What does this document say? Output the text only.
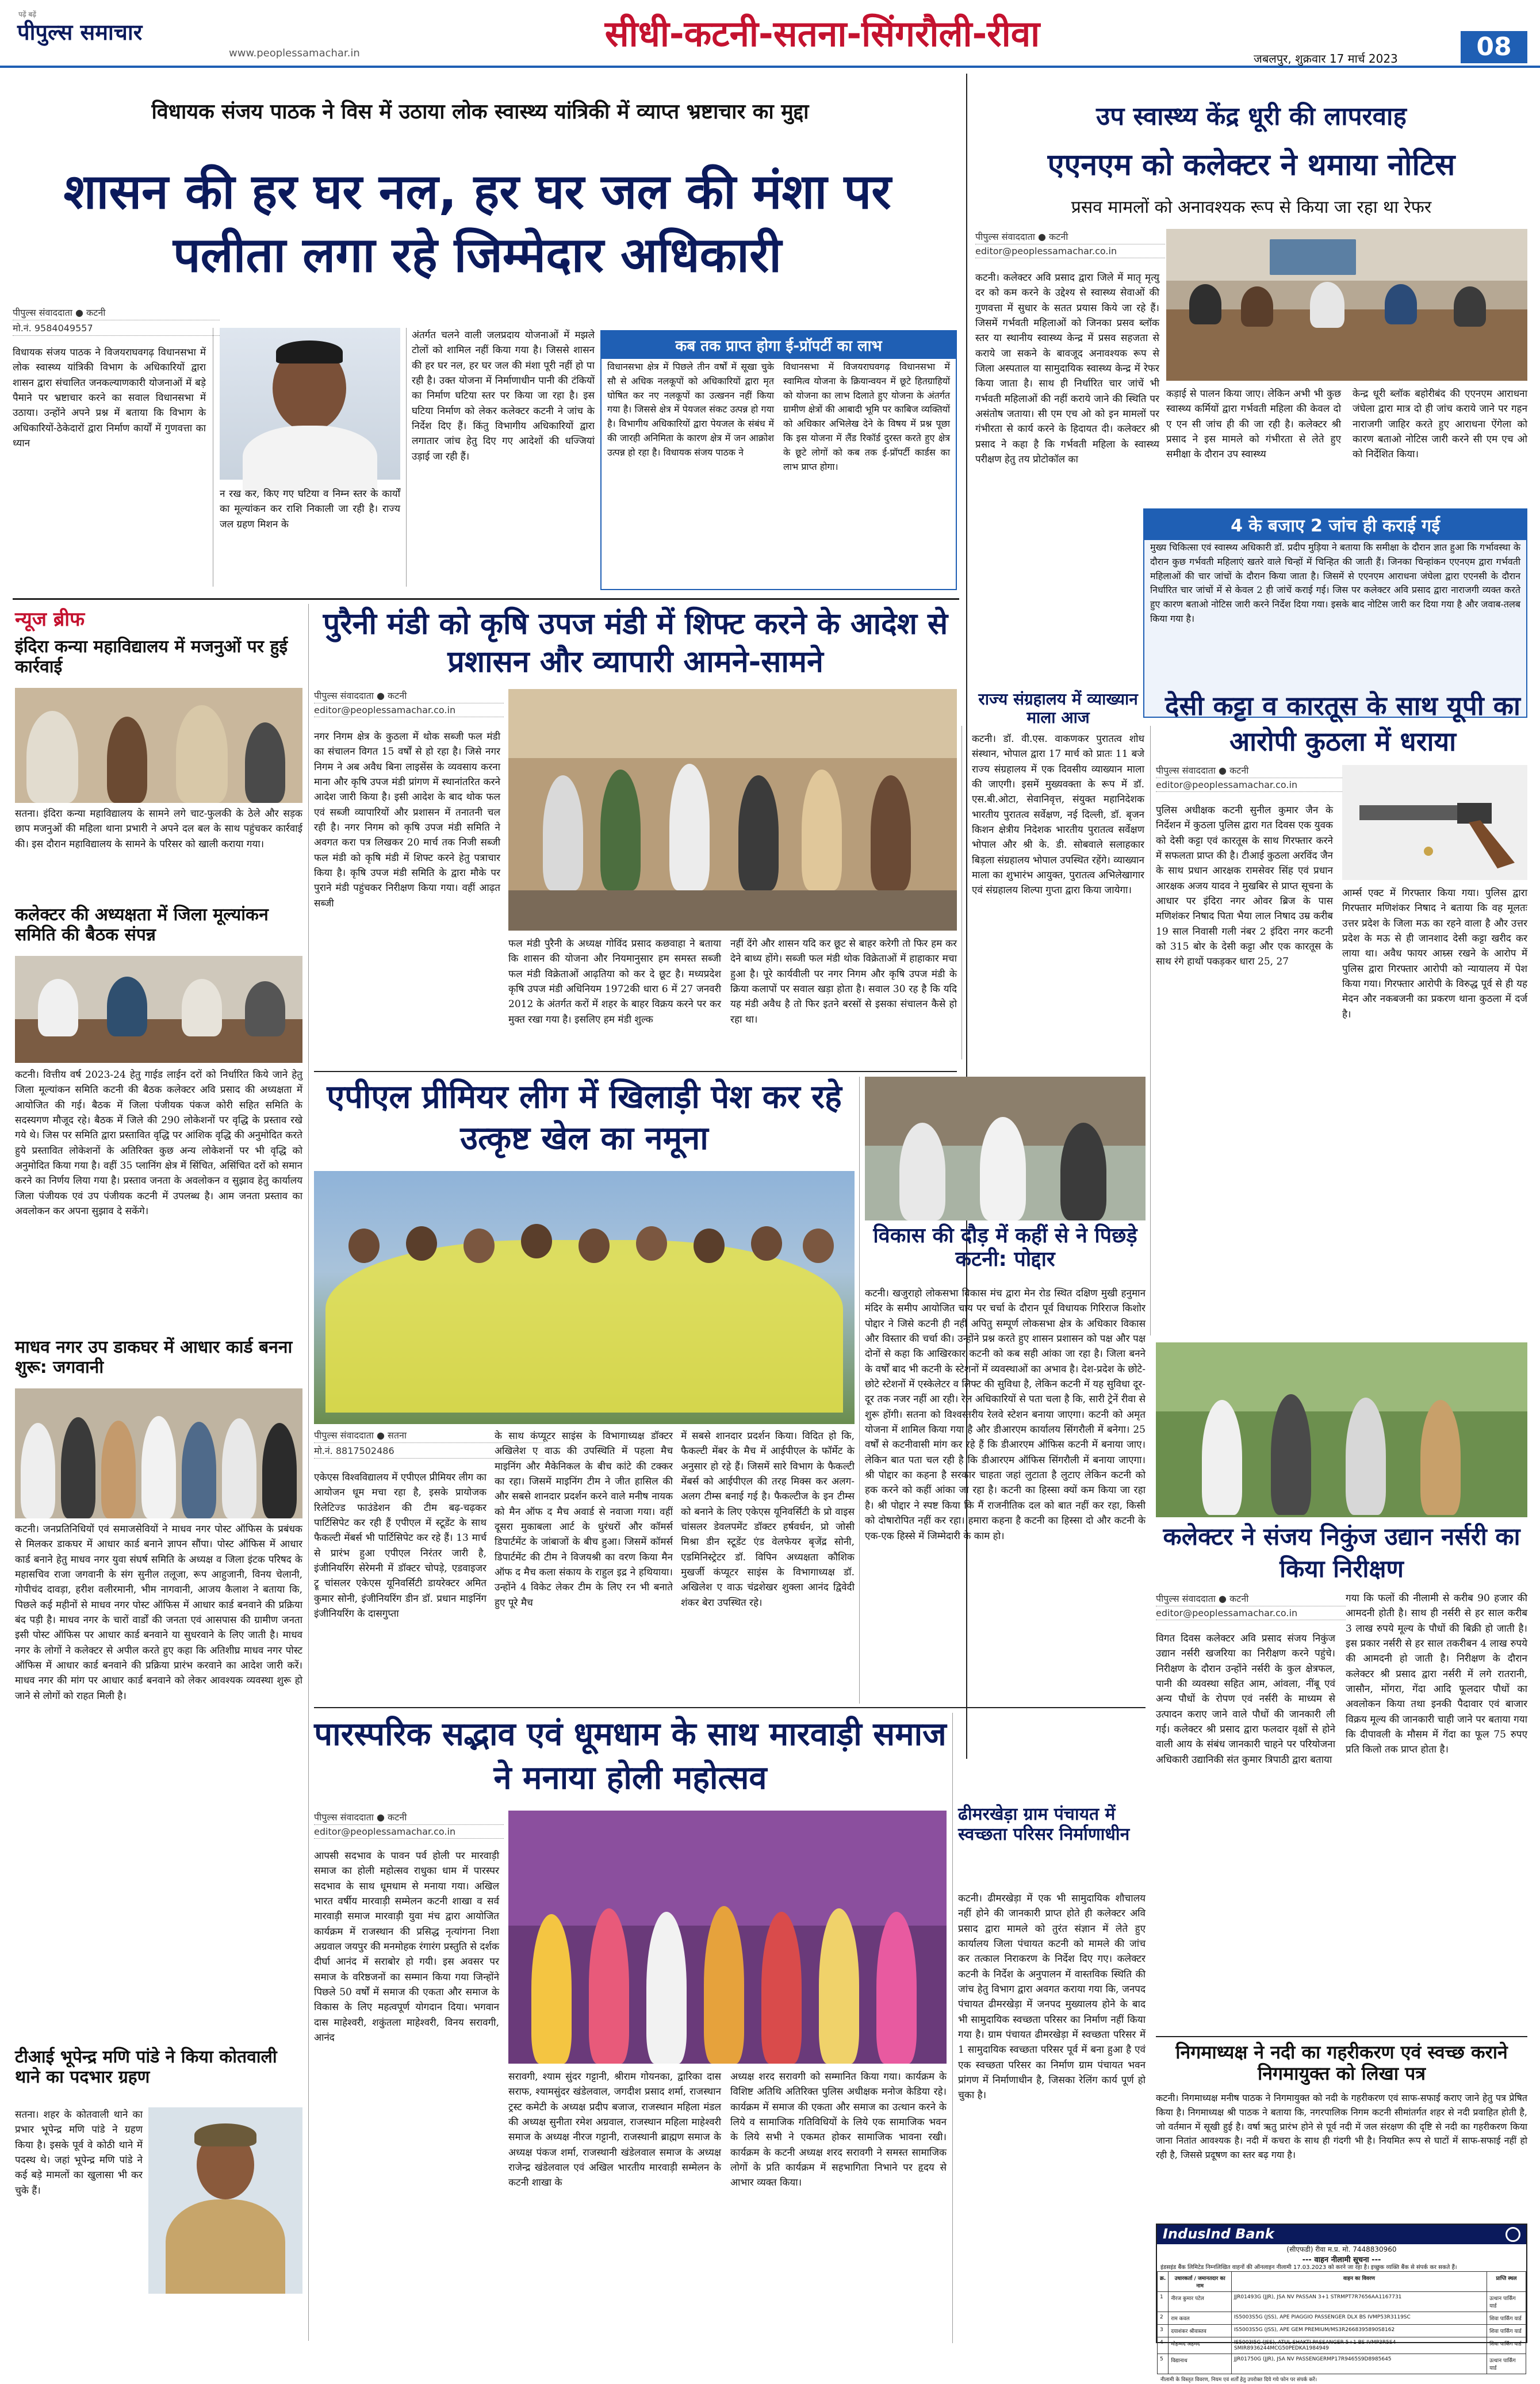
पीपुल्स समाचार
पढ़ें बढ़ें
www.peoplessamachar.in	सीधी-कटनी-सतना-सिंगरौली-रीवा
जबलपुर, शुक्रवार 17 मार्च 2023	08
विधायक संजय पाठक ने विस में उठाया लोक स्वास्थ्य यांत्रिकी में व्याप्त भ्रष्टाचार का मुद्दा
शासन की हर घर नल, हर घर जल की मंशा पर पलीता लगा रहे जिम्मेदार अधिकारी
पीपुल्स संवाददाता ● कटनी
मो.नं. 9584049557
विधायक संजय पाठक ने विजयराघवगढ़ विधानसभा में लोक स्वास्थ्य यांत्रिकी विभाग के अधिकारियों द्वारा शासन द्वारा संचालित जनकल्याणकारी योजनाओं में बड़े पैमाने पर भ्रष्टाचार करने का सवाल विधानसभा में उठाया। उन्होंने अपने प्रश्न में बताया कि विभाग के अधिकारियों-ठेकेदारों द्वारा निर्माण कार्यों में गुणवत्ता का ध्यान
न रख कर, किए गए घटिया व निम्न स्तर के कार्यों का मूल्यांकन कर राशि निकाली जा रही है। राज्य जल ग्रहण मिशन के
अंतर्गत चलने वाली जलप्रदाय योजनाओं में मझले टोलों को शामिल नहीं किया गया है। जिससे शासन की हर घर नल, हर घर जल की मंशा पूरी नहीं हो पा रही है। उक्त योजना में निर्माणाधीन पानी की टंकियों का निर्माण घटिया स्तर पर किया जा रहा है। इस घटिया निर्माण को लेकर कलेक्टर कटनी ने जांच के निर्देश दिए हैं। किंतु विभागीय अधिकारियों द्वारा लगातार जांच हेतु दिए गए आदेशों की धज्जियां उड़ाई जा रही हैं।
कब तक प्राप्त होगा ई-प्रॉपर्टी का लाभ
विधानसभा क्षेत्र में पिछले तीन वर्षों में सूखा चुके सौ से अधिक नलकूपों को अधिकारियों द्वारा मृत घोषित कर नए नलकूपों का उत्खनन नहीं किया गया है। जिससे क्षेत्र में पेयजल संकट उत्पन्न हो गया है। विभागीय अधिकारियों द्वारा पेयजल के संबंध में की जारही अनिमिता के कारण क्षेत्र में जन आक्रोश उत्पन्न हो रहा है। विधायक संजय पाठक ने
विधानसभा में विजयराघवगढ़ विधानसभा में स्वामित्व योजना के क्रियान्वयन में छूटे हितग्राहियों को योजना का लाभ दिलाते हुए योजना के अंतर्गत ग्रामीण क्षेत्रों की आबादी भूमि पर काबिज व्यक्तियों को अधिकार अभिलेख देने के विषय में प्रश्न पूछा कि इस योजना में लैंड रिकॉर्ड दुरस्त करते हुए क्षेत्र के छूटे लोगों को कब तक ई-प्रॉपर्टी कार्डस का लाभ प्राप्त होगा।
उप स्वास्थ्य केंद्र धूरी की लापरवाह
एएनएम को कलेक्टर ने थमाया नोटिस
प्रसव मामलों को अनावश्यक रूप से किया जा रहा था रेफर
पीपुल्स संवाददाता ● कटनी
editor@peoplessamachar.co.in
कटनी। कलेक्टर अवि प्रसाद द्वारा जिले में मातृ मृत्यु दर को कम करने के उद्देश्य से स्वास्थ्य सेवाओं की गुणवत्ता में सुधार के सतत प्रयास किये जा रहे हैं। जिसमें गर्भवती महिलाओं को जिनका प्रसव ब्लॉक स्तर या स्थानीय स्वास्थ्य केन्द्र में प्रसव सहजता से कराये जा सकने के बावजूद अनावश्यक रूप से जिला अस्पताल या सामुदायिक स्वास्थ्य केन्द्र में रेफर किया जाता है। साथ ही निर्धारित चार जांचें भी गर्भवती महिलाओं की नहीं कराये जाने की स्थिति पर असंतोष जताया। सी एम एच ओ को इन मामलों पर गंभीरता से कार्य करने के हिदायत दी। कलेक्टर श्री प्रसाद ने कहा है कि गर्भवती महिला के स्वास्थ्य परीक्षण हेतु तय प्रोटोकॉल का
कड़ाई से पालन किया जाए। लेकिन अभी भी कुछ स्वास्थ्य कर्मियों द्वारा गर्भवती महिला की केवल दो ए एन सी जांच ही की जा रही है। कलेक्टर श्री प्रसाद ने इस मामले को गंभीरता से लेते हुए समीक्षा के दौरान उप स्वास्थ्य
केन्द्र धूरी ब्लॉक बहोरीबंद की एएनएम आराधना जंघेला द्वारा मात्र दो ही जांच कराये जाने पर गहन नाराजगी जाहिर करते हुए आराधना ऐंगेला को कारण बताओ नोटिस जारी करने सी एम एच ओ को निर्देशित किया।
4 के बजाए 2 जांच ही कराई गई
मुख्य चिकित्सा एवं स्वास्थ्य अधिकारी डॉ. प्रदीप मुड़िया ने बताया कि समीक्षा के दौरान ज्ञात हुआ कि गर्भावस्था के दौरान कुछ गर्भवती महिलाएं खतरे वाले चिन्हों में चिन्हित की जाती हैं। जिनका चिन्हांकन एएनएम द्वारा गर्भवती महिलाओं की चार जांचों के दौरान किया जाता है। जिसमें से एएनएम आराधना जंघेला द्वारा एएनसी के दौरान निर्धारित चार जांचों में से केवल 2 ही जांचें कराई गई। जिस पर कलेक्टर अवि प्रसाद द्वारा नाराजगी व्यक्त करते हुए कारण बताओ नोटिस जारी करने निर्देश दिया गया। इसके बाद नोटिस जारी कर दिया गया है और जवाब-तलब किया गया है।
न्यूज ब्रीफ
इंदिरा कन्या महाविद्यालय में मजनुओं पर हुई कार्रवाई
सतना। इंदिरा कन्या महाविद्यालय के सामने लगे चाट-फुलकी के ठेले और सड़क छाप मजनुओं की महिला थाना प्रभारी ने अपने दल बल के साथ पहुंचकर कार्रवाई की। इस दौरान महाविद्यालय के सामने के परिसर को खाली कराया गया।
कलेक्टर की अध्यक्षता में जिला मूल्यांकन समिति की बैठक संपन्न
कटनी। वित्तीय वर्ष 2023-24 हेतु गाईड लाईन दरों को निर्धारित किये जाने हेतु जिला मूल्यांकन समिति कटनी की बैठक कलेक्टर अवि प्रसाद की अध्यक्षता में आयोजित की गई। बैठक में जिला पंजीयक पंकज कोरी सहित समिति के सदस्यगण मौजूद रहे। बैठक में जिले की 290 लोकेशनों पर वृद्धि के प्रस्ताव रखे गये थे। जिस पर समिति द्वारा प्रस्तावित वृद्धि पर आंशिक वृद्धि की अनुमोदित करते हुये प्रस्तावित लोकेशनों के अतिरिक्त कुछ अन्य लोकेशनों पर भी वृद्धि को अनुमोदित किया गया है। वहीं 35 प्लानिंग क्षेत्र में सिंचित, असिंचित दरों को समान करने का निर्णय लिया गया है। प्रस्ताव जनता के अवलोकन व सुझाव हेतु कार्यालय जिला पंजीयक एवं उप पंजीयक कटनी में उपलब्ध है। आम जनता प्रस्ताव का अवलोकन कर अपना सुझाव दे सकेंगे।
माधव नगर उप डाकघर में आधार कार्ड बनना शुरू: जगवानी
कटनी। जनप्रतिनिधियों एवं समाजसेवियों ने माधव नगर पोस्ट ऑफिस के प्रबंधक से मिलकर डाकघर में आधार कार्ड बनाने ज्ञापन सौंपा। पोस्ट ऑफिस में आधार कार्ड बनाने हेतु माधव नगर युवा संघर्ष समिति के अध्यक्ष व जिला इंटक परिषद के महासचिव राजा जगवानी के संग सुनील तलूजा, रूप आहुजानी, विनय चेलानी, गोपीचंद दावड़ा, हरीश वलीरमानी, भीम नागवानी, आजय कैलाश ने बताया कि, पिछले कई महीनों से माधव नगर पोस्ट ऑफिस में आधार कार्ड बनवाने की प्रक्रिया बंद पड़ी है। माधव नगर के चारों वार्डों की जनता एवं आसपास की ग्रामीण जनता इसी पोस्ट ऑफिस पर आधार कार्ड बनवाने या सुधरवाने के लिए जाती है। माधव नगर के लोगों ने कलेक्टर से अपील करते हुए कहा कि अतिशीघ्र माधव नगर पोस्ट ऑफिस में आधार कार्ड बनवाने की प्रक्रिया प्रारंभ करवाने का आदेश जारी करें। माधव नगर की मांग पर आधार कार्ड बनवाने को लेकर आवश्यक व्यवस्था शुरू हो जाने से लोगों को राहत मिली है।
टीआई भूपेन्द्र मणि पांडे ने किया कोतवाली थाने का पदभार ग्रहण
सतना। शहर के कोतवाली थाने का प्रभार भूपेन्द्र मणि पांडे ने ग्रहण किया है। इसके पूर्व वे कोठी थाने में पदस्थ थे। जहां भूपेन्द्र मणि पांडे ने कई बड़े मामलों का खुलासा भी कर चुके हैं।
पुरैनी मंडी को कृषि उपज मंडी में शिफ्ट करने के आदेश से प्रशासन और व्यापारी आमने-सामने
पीपुल्स संवाददाता ● कटनी
editor@peoplessamachar.co.in
नगर निगम क्षेत्र के कुठला में थोक सब्जी फल मंडी का संचालन विगत 15 वर्षों से हो रहा है। जिसे नगर निगम ने अब अवैध बिना लाइसेंस के व्यवसाय करना माना और कृषि उपज मंडी प्रांगण में स्थानांतरित करने आदेश जारी किया है। इसी आदेश के बाद थोक फल एवं सब्जी व्यापारियों और प्रशासन में तनातनी चल रही है। नगर निगम को कृषि उपज मंडी समिति ने अवगत करा पत्र लिखकर 20 मार्च तक निजी सब्जी फल मंडी को कृषि मंडी में शिफ्ट करने हेतु पत्राचार किया है। कृषि उपज मंडी समिति के द्वारा मौके पर पुराने मंडी पहुंचकर निरीक्षण किया गया। वहीं आढ़त सब्जी
फल मंडी पुरैनी के अध्यक्ष गोविंद प्रसाद कछवाहा ने बताया कि शासन की योजना और नियमानुसार हम समस्त सब्जी फल मंडी विक्रेताओं आढ़तिया को कर दे छूट है। मध्यप्रदेश कृषि उपज मंडी अधिनियम 1972की धारा 6 में 27 जनवरी 2012 के अंतर्गत करों में शहर के बाहर विक्रय करने पर कर मुक्त रखा गया है। इसलिए हम मंडी शुल्क
नहीं देंगे और शासन यदि कर छूट से बाहर करेगी तो फिर हम कर देने बाध्य होंगे। सब्जी फल मंडी थोक विक्रेताओं में हाहाकार मचा हुआ है। पूरे कार्यवीली पर नगर निगम और कृषि उपज मंडी के क्रिया कलापों पर सवाल खड़ा होता है। सवाल 30 रह है कि यदि यह मंडी अवैध है तो फिर इतने बरसों से इसका संचालन कैसे हो रहा था।
राज्य संग्रहालय में व्याख्यान माला आज
कटनी। डॉ. वी.एस. वाकणकर पुरातत्व शोध संस्थान, भोपाल द्वारा 17 मार्च को प्रातः 11 बजे राज्य संग्रहालय में एक दिवसीय व्याख्यान माला की जाएगी। इसमें मुख्यवक्ता के रूप में डॉ. एस.बी.ओटा, सेवानिवृत्त, संयुक्त महानिदेशक भारतीय पुरातत्व सर्वेक्षण, नई दिल्ली, डॉ. बृजन किशन क्षेत्रीय निदेशक भारतीय पुरातत्व सर्वेक्षण भोपाल और श्री के. डी. सोबवाले सलाहकार बिड़ला संग्रहालय भोपाल उपस्थित रहेंगे। व्याख्यान माला का शुभारंभ आयुक्त, पुरातत्व अभिलेखागार एवं संग्रहालय शिल्पा गुप्ता द्वारा किया जायेगा।
देसी कट्टा व कारतूस के साथ यूपी का आरोपी कुठला में धराया
पीपुल्स संवाददाता ● कटनी
editor@peoplessamachar.co.in
पुलिस अधीक्षक कटनी सुनील कुमार जैन के निर्देशन में कुठला पुलिस द्वारा गत दिवस एक युवक को देसी कट्टा एवं कारतूस के साथ गिरफ्तार करने में सफलता प्राप्त की है। टीआई कुठला अरविंद जैन के साथ प्रधान आरक्षक रामसेवर सिंह एवं प्रधान आरक्षक अजय यादव ने मुखबिर से प्राप्त सूचना के आधार पर इंदिरा नगर ओवर ब्रिज के पास मणिशंकर निषाद पिता भैया लाल निषाद उम्र करीब 19 साल निवासी गली नंबर 2 इंदिरा नगर कटनी को 315 बोर के देसी कट्टा और एक कारतूस के साथ रंगे हाथों पकड़कर धारा 25, 27
आर्म्स एक्ट में गिरफ्तार किया गया। पुलिस द्वारा गिरफ्तार मणिशंकर निषाद ने बताया कि वह मूलतः उत्तर प्रदेश के जिला मऊ का रहने वाला है और उत्तर प्रदेश के मऊ से ही जानशाद देसी कट्टा खरीद कर लाया था। अवैध फायर आम्र्स रखने के आरोप में पुलिस द्वारा गिरफ्तार आरोपी को न्यायालय में पेश किया गया। गिरफ्तार आरोपी के विरुद्ध पूर्व से ही यह मेदन और नकबजनी का प्रकरण थाना कुठला में दर्ज है।
एपीएल प्रीमियर लीग में खिलाड़ी पेश कर रहे उत्कृष्ट खेल का नमूना
पीपुल्स संवाददाता ● सतना
मो.नं. 8817502486
एकेएस विश्वविद्यालय में एपीएल प्रीमियर लीग का आयोजन धूम मचा रहा है, इसके प्रायोजक रिलेटिज्ड फाउंडेशन की टीम बढ़-चढ़कर पार्टिसिपेट कर रही हैं एपीएल में स्टूडेंट के साथ फैकल्टी मेंबर्स भी पार्टिसिपेट कर रहे हैं। 13 मार्च से प्रारंभ हुआ एपीएल निरंतर जारी है, इंजीनियरिंग सेरेमनी में डॉक्टर चोपड़े, एडवाइजर ट्रू चांसलर एकेएस यूनिवर्सिटी डायरेक्टर अमित कुमार सोनी, इंजीनियरिंग डीन डॉ. प्रधान माइनिंग इंजीनियरिंग के दासगुप्ता
के साथ कंप्यूटर साइंस के विभागाध्यक्ष डॉक्टर अखिलेश ए वाऊ की उपस्थिति में पहला मैच माइनिंग और मैकेनिकल के बीच कांटे की टक्कर का रहा। जिसमें माइनिंग टीम ने जीत हासिल की और सबसे शानदार प्रदर्शन करने वाले मनीष नायक को मैन ऑफ द मैच अवार्ड से नवाजा गया। वहीं दूसरा मुकाबला आर्ट के धुरंधरों और कॉमर्स डिपार्टमेंट के जांबाजों के बीच हुआ। जिसमें कॉमर्स डिपार्टमेंट की टीम ने विजयश्री का वरण किया मैन ऑफ द मैच कला संकाय के राहुल इद्र ने हथियाया। उन्होंने 4 विकेट लेकर टीम के लिए रन भी बनाते हुए पूरे मैच
में सबसे शानदार प्रदर्शन किया। विदित हो कि, फैकल्टी मेंबर के मैच में आईपीएल के फॉर्मेट के अनुसार हो रहे हैं। जिसमें सारे विभाग के फैकल्टी मेंबर्स को आईपीएल की तरह मिक्स कर अलग-अलग टीम्स बनाई गई है। फैकल्टीज के इन टीम्स को बनाने के लिए एकेएस यूनिवर्सिटी के प्रो वाइस चांसलर डेवलपमेंट डॉक्टर हर्षवर्धन, प्रो जोसी मिश्रा डीन स्टूडेंट एंड वेलफेयर बृजेंद्र सोनी, एडमिनिस्ट्रेटर डॉ. विपिन अध्यक्षता कौशिक मुखर्जी कंप्यूटर साइंस के विभागाध्यक्ष डॉ. अखिलेश ए वाऊ चंद्रशेखर शुक्ला आनंद द्विवेदी शंकर बेरा उपस्थित रहे।
विकास की दौड़ में कहीं से ने पिछड़े कटनी: पोद्दार
कटनी। खजुराहो लोकसभा विकास मंच द्वारा मेन रोड स्थित दक्षिण मुखी हनुमान मंदिर के समीप आयोजित चाय पर चर्चा के दौरान पूर्व विधायक गिरिराज किशोर पोद्दार ने जिसे कटनी ही नहीं अपितु सम्पूर्ण लोकसभा क्षेत्र के अधिकार विकास और विस्तार की चर्चा की। उन्होंने प्रश्न करते हुए शासन प्रशासन को पक्ष और पक्ष दोनों से कहा कि आखिरकार कटनी को कब सही आंका जा रहा है। जिला बनने के वर्षों बाद भी कटनी के स्टेशनों में व्यवस्थाओं का अभाव है। देश-प्रदेश के छोटे-छोटे स्टेशनों में एस्केलेटर व लिफ्ट की सुविधा है, लेकिन कटनी में यह सुविधा दूर-दूर तक नजर नहीं आ रही। रेल अधिकारियों से पता चला है कि, सारी ट्रेनें रीवा से शुरू होंगी। सतना को विश्वस्तरीय रेलवे स्टेशन बनाया जाएगा। कटनी को अमृत योजना में शामिल किया गया है और डीआरएम कार्यालय सिंगरौली में बनेगा। 25 वर्षों से कटनीवासी मांग कर रहे हैं कि डीआरएम ऑफिस कटनी में बनाया जाए। लेकिन बात पता चल रही है कि डीआरएम ऑफिस सिंगरौली में बनाया जाएगा। श्री पोद्दार का कहना है सरकार चाहता जहां लुटाता है लुटाए लेकिन कटनी को हक करने को कहीं आंका जा रहा है। कटनी का हिस्सा क्यों कम किया जा रहा है। श्री पोद्दार ने स्पष्ट किया कि मैं राजनीतिक दल को बात नहीं कर रहा, किसी को दोषारोपित नहीं कर रहा। हमारा कहना है कटनी का हिस्सा दो और कटनी के एक-एक हिस्से में जिम्मेदारी के काम हो।	कलेक्टर ने संजय निकुंज उद्यान नर्सरी का किया निरीक्षण
पीपुल्स संवाददाता ● कटनी
editor@peoplessamachar.co.in
विगत दिवस कलेक्टर अवि प्रसाद संजय निकुंज उद्यान नर्सरी खजरिया का निरीक्षण करने पहुंचे। निरीक्षण के दौरान उन्होंने नर्सरी के कुल क्षेत्रफल, पानी की व्यवस्था सहित आम, आंवला, नींबू एवं अन्य पौधों के रोपण एवं नर्सरी के माध्यम से उत्पादन कराए जाने वाले पौधों की जानकारी ली गई। कलेक्टर श्री प्रसाद द्वारा फलदार वृक्षों से होने वाली आय के संबंध जानकारी चाहने पर परियोजना अधिकारी उद्यानिकी संत कुमार त्रिपाठी द्वारा बताया
गया कि फलों की नीलामी से करीब 90 हजार की आमदनी होती है। साथ ही नर्सरी से हर साल करीब 3 लाख रुपये मूल्य के पौधों की बिक्री हो जाती है। इस प्रकार नर्सरी से हर साल तकरीबन 4 लाख रुपये की आमदनी हो जाती है। निरीक्षण के दौरान कलेक्टर श्री प्रसाद द्वारा नर्सरी में लगे रातरानी, जासौन, मोंगरा, गेंदा आदि फूलदार पौधों का अवलोकन किया तथा इनकी पैदावार एवं बाजार विक्रय मूल्य की जानकारी चाही जाने पर बताया गया कि दीपावली के मौसम में गेंदा का फूल 75 रुपए प्रति किलो तक प्राप्त होता है।
पारस्परिक सद्भाव एवं धूमधाम के साथ मारवाड़ी समाज ने मनाया होली महोत्सव
पीपुल्स संवाददाता ● कटनी
editor@peoplessamachar.co.in
आपसी सदभाव के पावन पर्व होली पर मारवाड़ी समाज का होली महोत्सव राधुका धाम में पारस्पर सदभाव के साथ धूमधाम से मनाया गया। अखिल भारत वर्षीय मारवाड़ी सम्मेलन कटनी शाखा व सर्व मारवाड़ी समाज मारवाड़ी युवा मंच द्वारा आयोजित कार्यक्रम में राजस्थान की प्रसिद्ध नृत्यांगना निशा अग्रवाल जयपुर की मनमोहक रंगारंग प्रस्तुति से दर्शक दीर्घा आनंद में सराबोर हो गयी। इस अवसर पर समाज के वरिष्ठजनों का सम्मान किया गया जिन्होंने पिछले 50 वर्षों में समाज की एकता और समाज के विकास के लिए महत्वपूर्ण योगदान दिया। भगवान दास माहेश्वरी, शकुंतला माहेश्वरी, विनय सरावगी, आनंद
सरावगी, श्याम सुंदर गट्टानी, श्रीराम गोयनका, द्वारिका दास सराफ, श्यामसुंदर खंडेलवाल, जगदीश प्रसाद शर्मा, राजस्थान ट्रस्ट कमेटी के अध्यक्ष प्रदीप बजाज, राजस्थान महिला मंडल की अध्यक्ष सुनीता रमेश अग्रवाल, राजस्थान महिला माहेश्वरी समाज के अध्यक्ष नीरज गट्टानी, राजस्थानी ब्राह्मण समाज के अध्यक्ष पंकज शर्मा, राजस्थानी खंडेलवाल समाज के अध्यक्ष राजेन्द्र खंडेलवाल एवं अखिल भारतीय मारवाड़ी सम्मेलन के कटनी शाखा के
अध्यक्ष शरद सरावगी को सम्मानित किया गया। कार्यक्रम के विशिष्ट अतिथि अतिरिक्त पुलिस अधीक्षक मनोज केडिया रहे। कार्यक्रम में समाज की एकता और समाज का उत्थान करने के लिये व सामाजिक गतिविधियों के लिये एक सामाजिक भवन के लिये सभी ने एकमत होकर सामाजिक भावना रखी। कार्यक्रम के कटनी अध्यक्ष शरद सरावगी ने समस्त सामाजिक लोगों के प्रति कार्यक्रम में सहभागिता निभाने पर हृदय से आभार व्यक्त किया।
ढीमरखेड़ा ग्राम पंचायत में स्वच्छता परिसर निर्माणाधीन
कटनी। ढीमरखेड़ा में एक भी सामुदायिक शौचालय नहीं होने की जानकारी प्राप्त होते ही कलेक्टर अवि प्रसाद द्वारा मामले को तुरंत संज्ञान में लेते हुए कार्यालय जिला पंचायत कटनी को मामले की जांच कर तत्काल निराकरण के निर्देश दिए गए। कलेक्टर कटनी के निर्देश के अनुपालन में वास्तविक स्थिति की जांच हेतु विभाग द्वारा अवगत कराया गया कि, जनपद पंचायत ढीमरखेड़ा में जनपद मुख्यालय होने के बाद भी सामुदायिक स्वच्छता परिसर का निर्माण नहीं किया गया है। ग्राम पंचायत ढीमरखेड़ा में स्वच्छता परिसर में 1 सामुदायिक स्वच्छता परिसर पूर्व में बना हुआ है एवं एक स्वच्छता परिसर का निर्माण ग्राम पंचायत भवन प्रांगण में निर्माणाधीन है, जिसका रेलिंग कार्य पूर्ण हो चुका है।
निगमाध्यक्ष ने नदी का गहरीकरण एवं स्वच्छ कराने निगमायुक्त को लिखा पत्र
कटनी। निगमाध्यक्ष मनीष पाठक ने निगमायुक्त को नदी के गहरीकरण एवं साफ-सफाई कराए जाने हेतु पत्र प्रेषित किया है। निगमाध्यक्ष श्री पाठक ने बताया कि, नगरपालिक निगम कटनी सीमांतर्गत शहर से नदी प्रवाहित होती है, जो वर्तमान में सूखी हुई है। वर्षा ऋतु प्रारंभ होने से पूर्व नदी में जल संरक्षण की दृष्टि से नदी का गहरीकरण किया जाना नितांत आवश्यक है। नदी में कचरा के साथ ही गंदगी भी है। नियमित रूप से घाटों में साफ-सफाई नहीं हो रही है, जिससे प्रदूषण का स्तर बढ़ गया है।
IndusInd Bank
(सीएफडी) रीवा म.प्र. मो. 7448830960
--- वाहन नीलामी सूचना ---
इंडसइंड बैंक लिमिटेड निम्नलिखित वाहनों की ऑनलाइन नीलामी 17.03.2023 को करने जा रहा है। इच्छुक व्यक्ति बैंक से संपर्क कर सकते हैं।
क्र.	उधारकर्ता / जमानतदार का नाम	वाहन का विवरण	प्राप्ति स्थल
1	नीरज कुमार पटेल	JJR01493G (JJR), JSA NV PASSAN 3+1 STRMPT7R7656AA1167731	उत्थान पार्किंग यार्ड
2	राम कवल	IS5003S5G (JSS), APE PIAGGIO PASSENGER DLX BS IVMP53R3119SC	शिवा पार्किंग यार्ड
3	दयाशंकर श्रीवास्तव	IS5003S5G (JSS), APE GEM PREMIUM/MS3R2668395890S8162	शिवा पार्किंग यार्ड
4	मोहम्मद अहमद	IS5003I5G (JSS), ATUL SHAKTI PASSANGER 5+1 BS IVMP3R5S4 SMIR8936244MCG50PEDKA1984949	शिवा पार्किंग यार्ड
5	विद्यानाथ	JJR01750G (JJR), JSA NV PASSENGERMP17R9465S9D8985645	उत्थान पार्किंग यार्ड
नीलामी के विस्तृत विवरण, नियम एवं शर्तों हेतु उपरोक्त दिये गये फोन पर संपर्क करें।
